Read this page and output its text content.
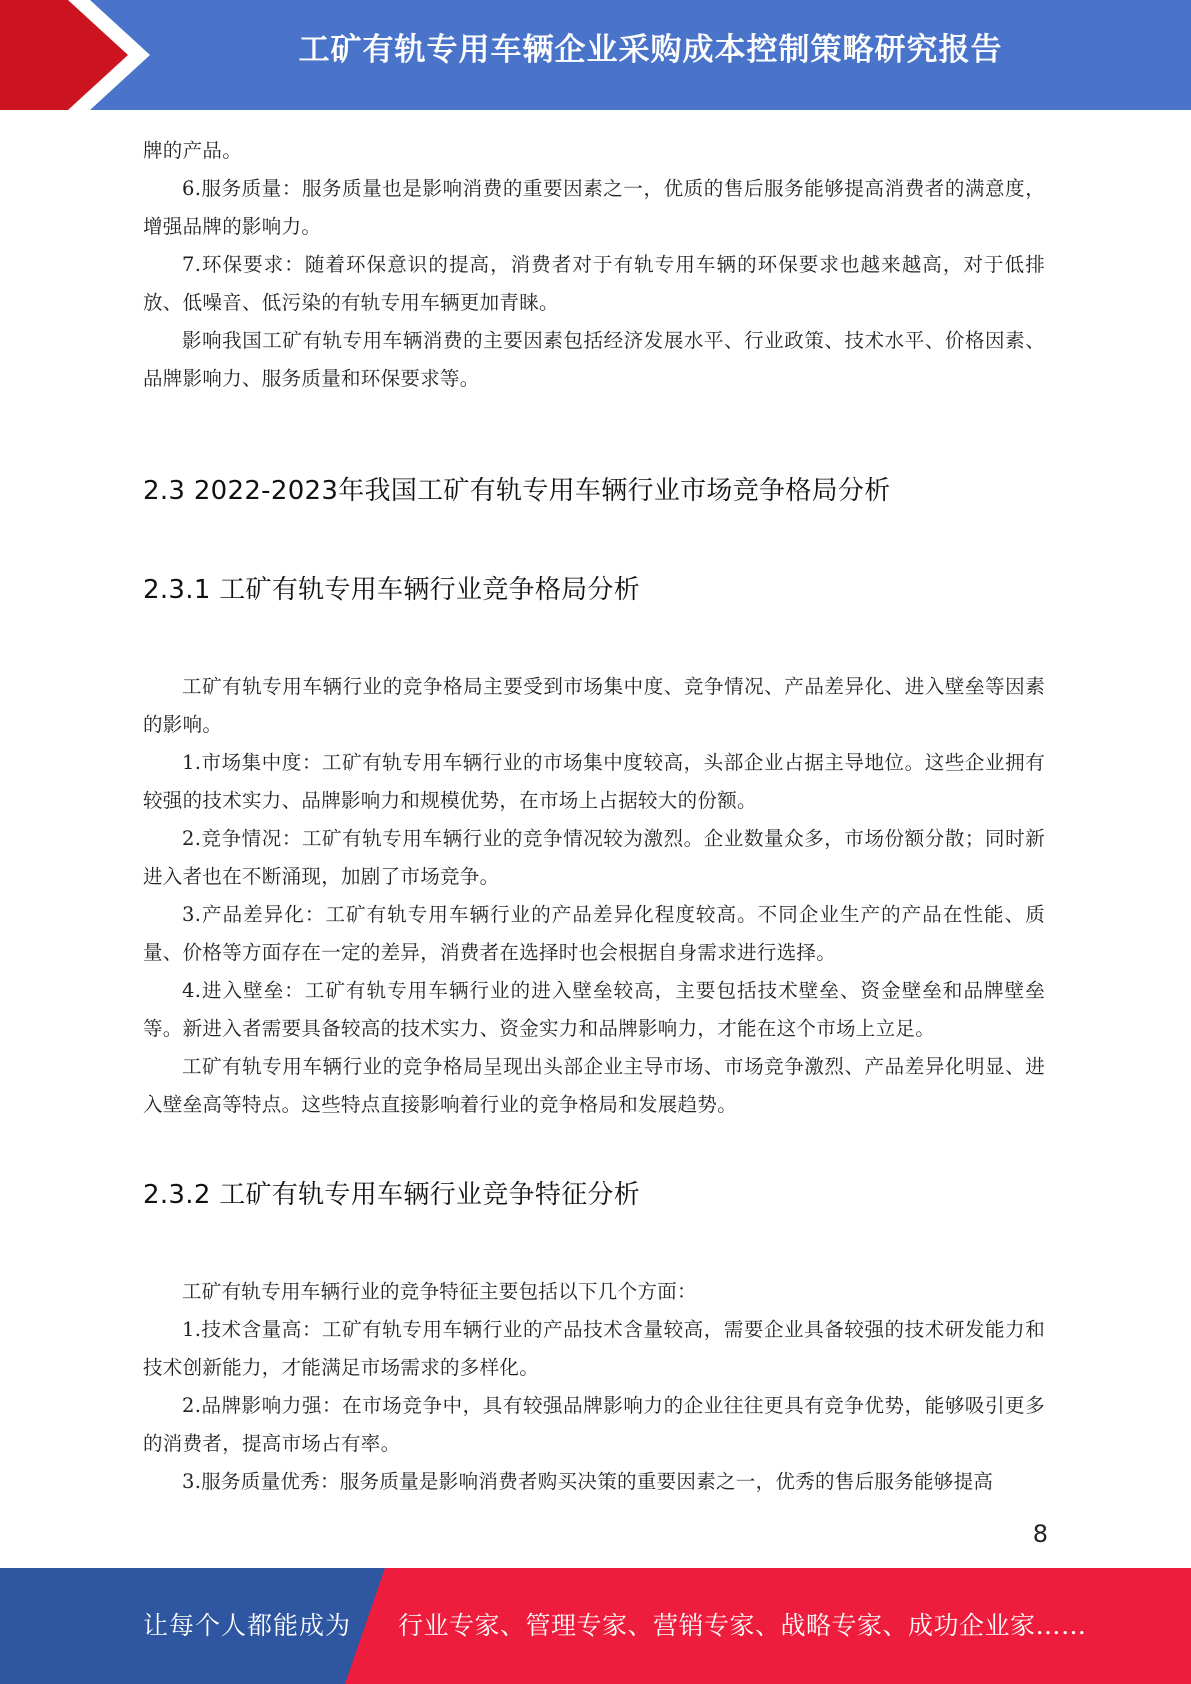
工矿有轨专用车辆企业采购成本控制策略研究报告

牌的产品。

6.服务质量：服务质量也是影响消费的重要因素之一，优质的售后服务能够提高消费者的满意度，增强品牌的影响力。

7.环保要求：随着环保意识的提高，消费者对于有轨专用车辆的环保要求也越来越高，对于低排放、低噪音、低污染的有轨专用车辆更加青睐。

影响我国工矿有轨专用车辆消费的主要因素包括经济发展水平、行业政策、技术水平、价格因素、品牌影响力、服务质量和环保要求等。

2.3 2022-2023年我国工矿有轨专用车辆行业市场竞争格局分析
2.3.1 工矿有轨专用车辆行业竞争格局分析

工矿有轨专用车辆行业的竞争格局主要受到市场集中度、竞争情况、产品差异化、进入壁垒等因素的影响。

1.市场集中度：工矿有轨专用车辆行业的市场集中度较高，头部企业占据主导地位。这些企业拥有较强的技术实力、品牌影响力和规模优势，在市场上占据较大的份额。

2.竞争情况：工矿有轨专用车辆行业的竞争情况较为激烈。企业数量众多，市场份额分散；同时新进入者也在不断涌现，加剧了市场竞争。

3.产品差异化：工矿有轨专用车辆行业的产品差异化程度较高。不同企业生产的产品在性能、质量、价格等方面存在一定的差异，消费者在选择时也会根据自身需求进行选择。

4.进入壁垒：工矿有轨专用车辆行业的进入壁垒较高，主要包括技术壁垒、资金壁垒和品牌壁垒等。新进入者需要具备较高的技术实力、资金实力和品牌影响力，才能在这个市场上立足。

工矿有轨专用车辆行业的竞争格局呈现出头部企业主导市场、市场竞争激烈、产品差异化明显、进入壁垒高等特点。这些特点直接影响着行业的竞争格局和发展趋势。

2.3.2 工矿有轨专用车辆行业竞争特征分析

工矿有轨专用车辆行业的竞争特征主要包括以下几个方面：

1.技术含量高：工矿有轨专用车辆行业的产品技术含量较高，需要企业具备较强的技术研发能力和技术创新能力，才能满足市场需求的多样化。

2.品牌影响力强：在市场竞争中，具有较强品牌影响力的企业往往更具有竞争优势，能够吸引更多的消费者，提高市场占有率。

3.服务质量优秀：服务质量是影响消费者购买决策的重要因素之一，优秀的售后服务能够提高

8
让每个人都能成为 行业专家、管理专家、营销专家、战略专家、成功企业家……
